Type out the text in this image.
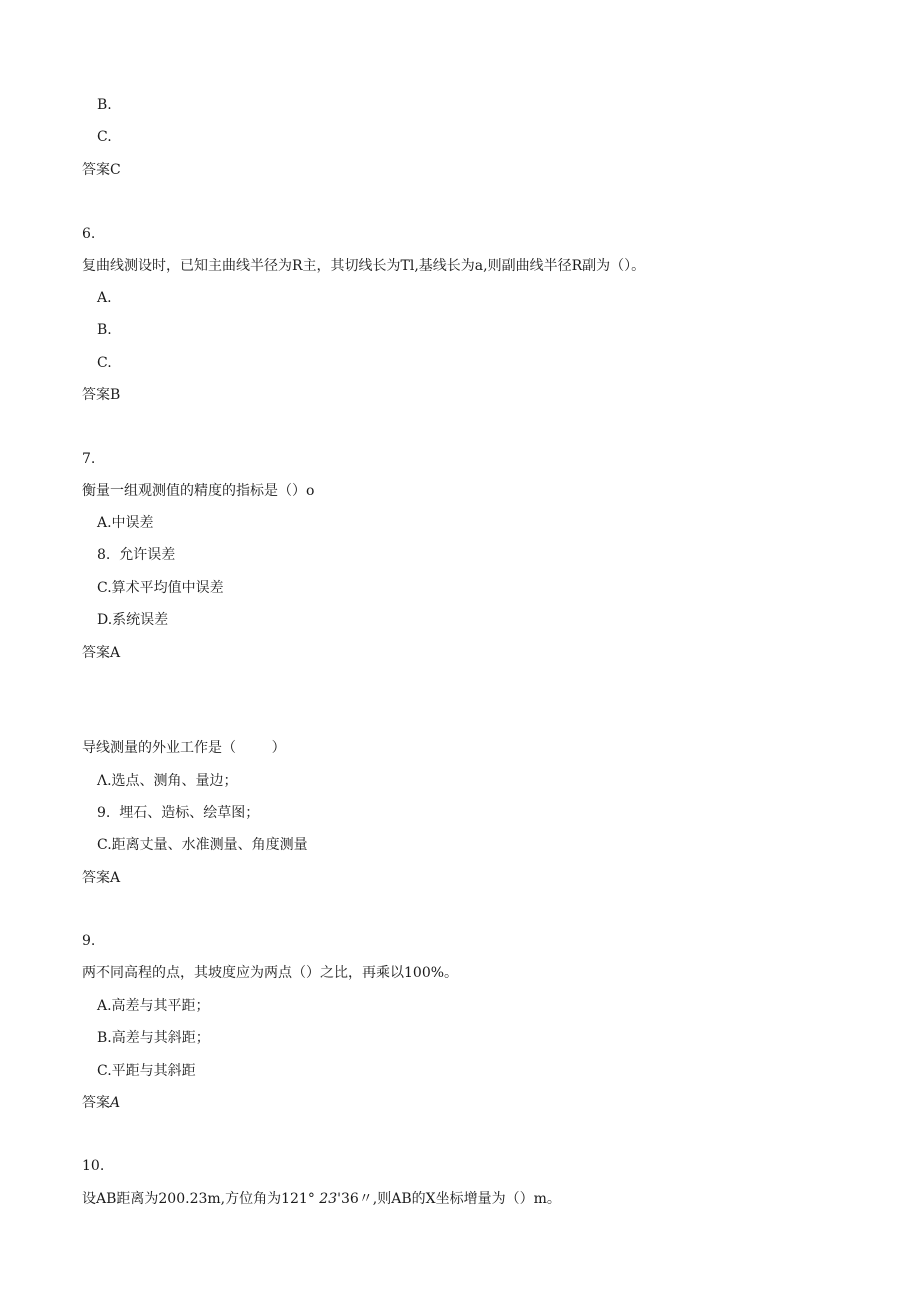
B.
C.
答案C
6.
复曲线测设时，已知主曲线半径为R主，其切线长为Tl,基线长为a,则副曲线半径R副为（）。
A.
B.
C.
答案B
7.
衡量一组观测值的精度的指标是（）o
A.中误差
8.  允许误差
C.算术平均值中误差
D.系统误差
答案A
导线测量的外业工作是（        ）
Λ.选点、测角、量边；
9.  埋石、造标、绘草图；
C.距离丈量、水准测量、角度测量
答案A
9.
两不同高程的点，其坡度应为两点（）之比，再乘以100%。
A.高差与其平距；
B.高差与其斜距；
C.平距与其斜距
答案A
10.
设AB距离为200.23m,方位角为121° 23'36〃,则AB的X坐标增量为（）m。
